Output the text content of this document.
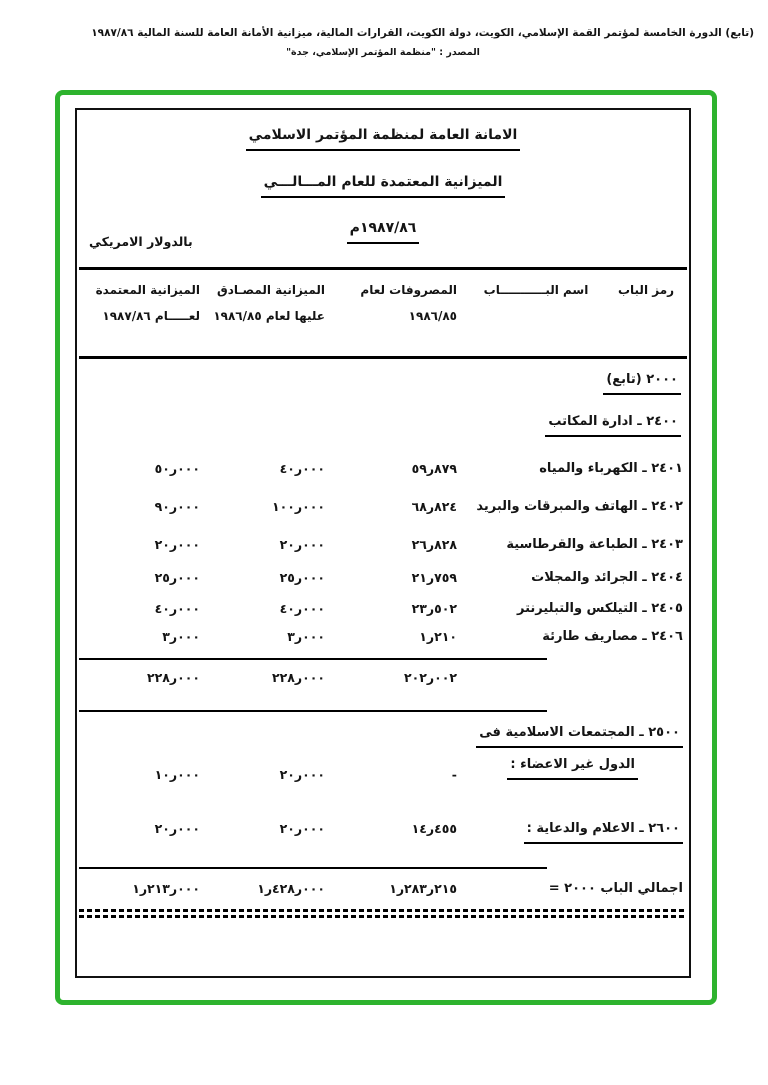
(تابع) الدورة الخامسة لمؤتمر القمة الإسلامي، الكويت، دولة الكويت، القرارات المالية، ميزانية الأمانة العامة للسنة المالية ١٩٨٧/٨٦
المصدر : "منظمة المؤتمر الإسلامي، جدة"
الامانة العامة لمنظمة المؤتمر الاسلامي
الميزانية المعتمدة للعام المـــالـــي
١٩٨٧/٨٦م
بالدولار الامريكي
رمز الباب
اسم البـــــــــــاب
المصروفات لعام
١٩٨٦/٨٥
الميزانية المصـادق
عليها لعام ١٩٨٦/٨٥
الميزانية المعتمدة
لعـــــام ١٩٨٧/٨٦
٢٠٠٠ (تابع)
٢٤٠٠ ـ ادارة المكاتب
٢٤٠١ ـ الكهرباء والمياه
٥٩ر٨٧٩
٤٠ر٠٠٠
٥٠ر٠٠٠
٢٤٠٢ ـ الهاتف والمبرقات والبريد
٦٨ر٨٢٤
١٠٠ر٠٠٠
٩٠ر٠٠٠
٢٤٠٣ ـ الطباعة والقرطاسية
٢٦ر٨٢٨
٢٠ر٠٠٠
٢٠ر٠٠٠
٢٤٠٤ ـ الجرائد والمجلات
٢١ر٧٥٩
٢٥ر٠٠٠
٢٥ر٠٠٠
٢٤٠٥ ـ التيلكس والتبليرنتر
٢٣ر٥٠٢
٤٠ر٠٠٠
٤٠ر٠٠٠
٢٤٠٦ ـ مصاريف طارئة
١ر٢١٠
٣ر٠٠٠
٣ر٠٠٠
٢٠٢ر٠٠٢
٢٢٨ر٠٠٠
٢٢٨ر٠٠٠
٢٥٠٠ ـ المجتمعات الاسلامية فى
الدول غير الاعضاء :
-
٢٠ر٠٠٠
١٠ر٠٠٠
٢٦٠٠ ـ الاعلام والدعاية :
١٤ر٤٥٥
٢٠ر٠٠٠
٢٠ر٠٠٠
اجمالي الباب ٢٠٠٠ =
١ر٢٨٣ر٢١٥
١ر٤٢٨ر٠٠٠
١ر٢١٣ر٠٠٠
